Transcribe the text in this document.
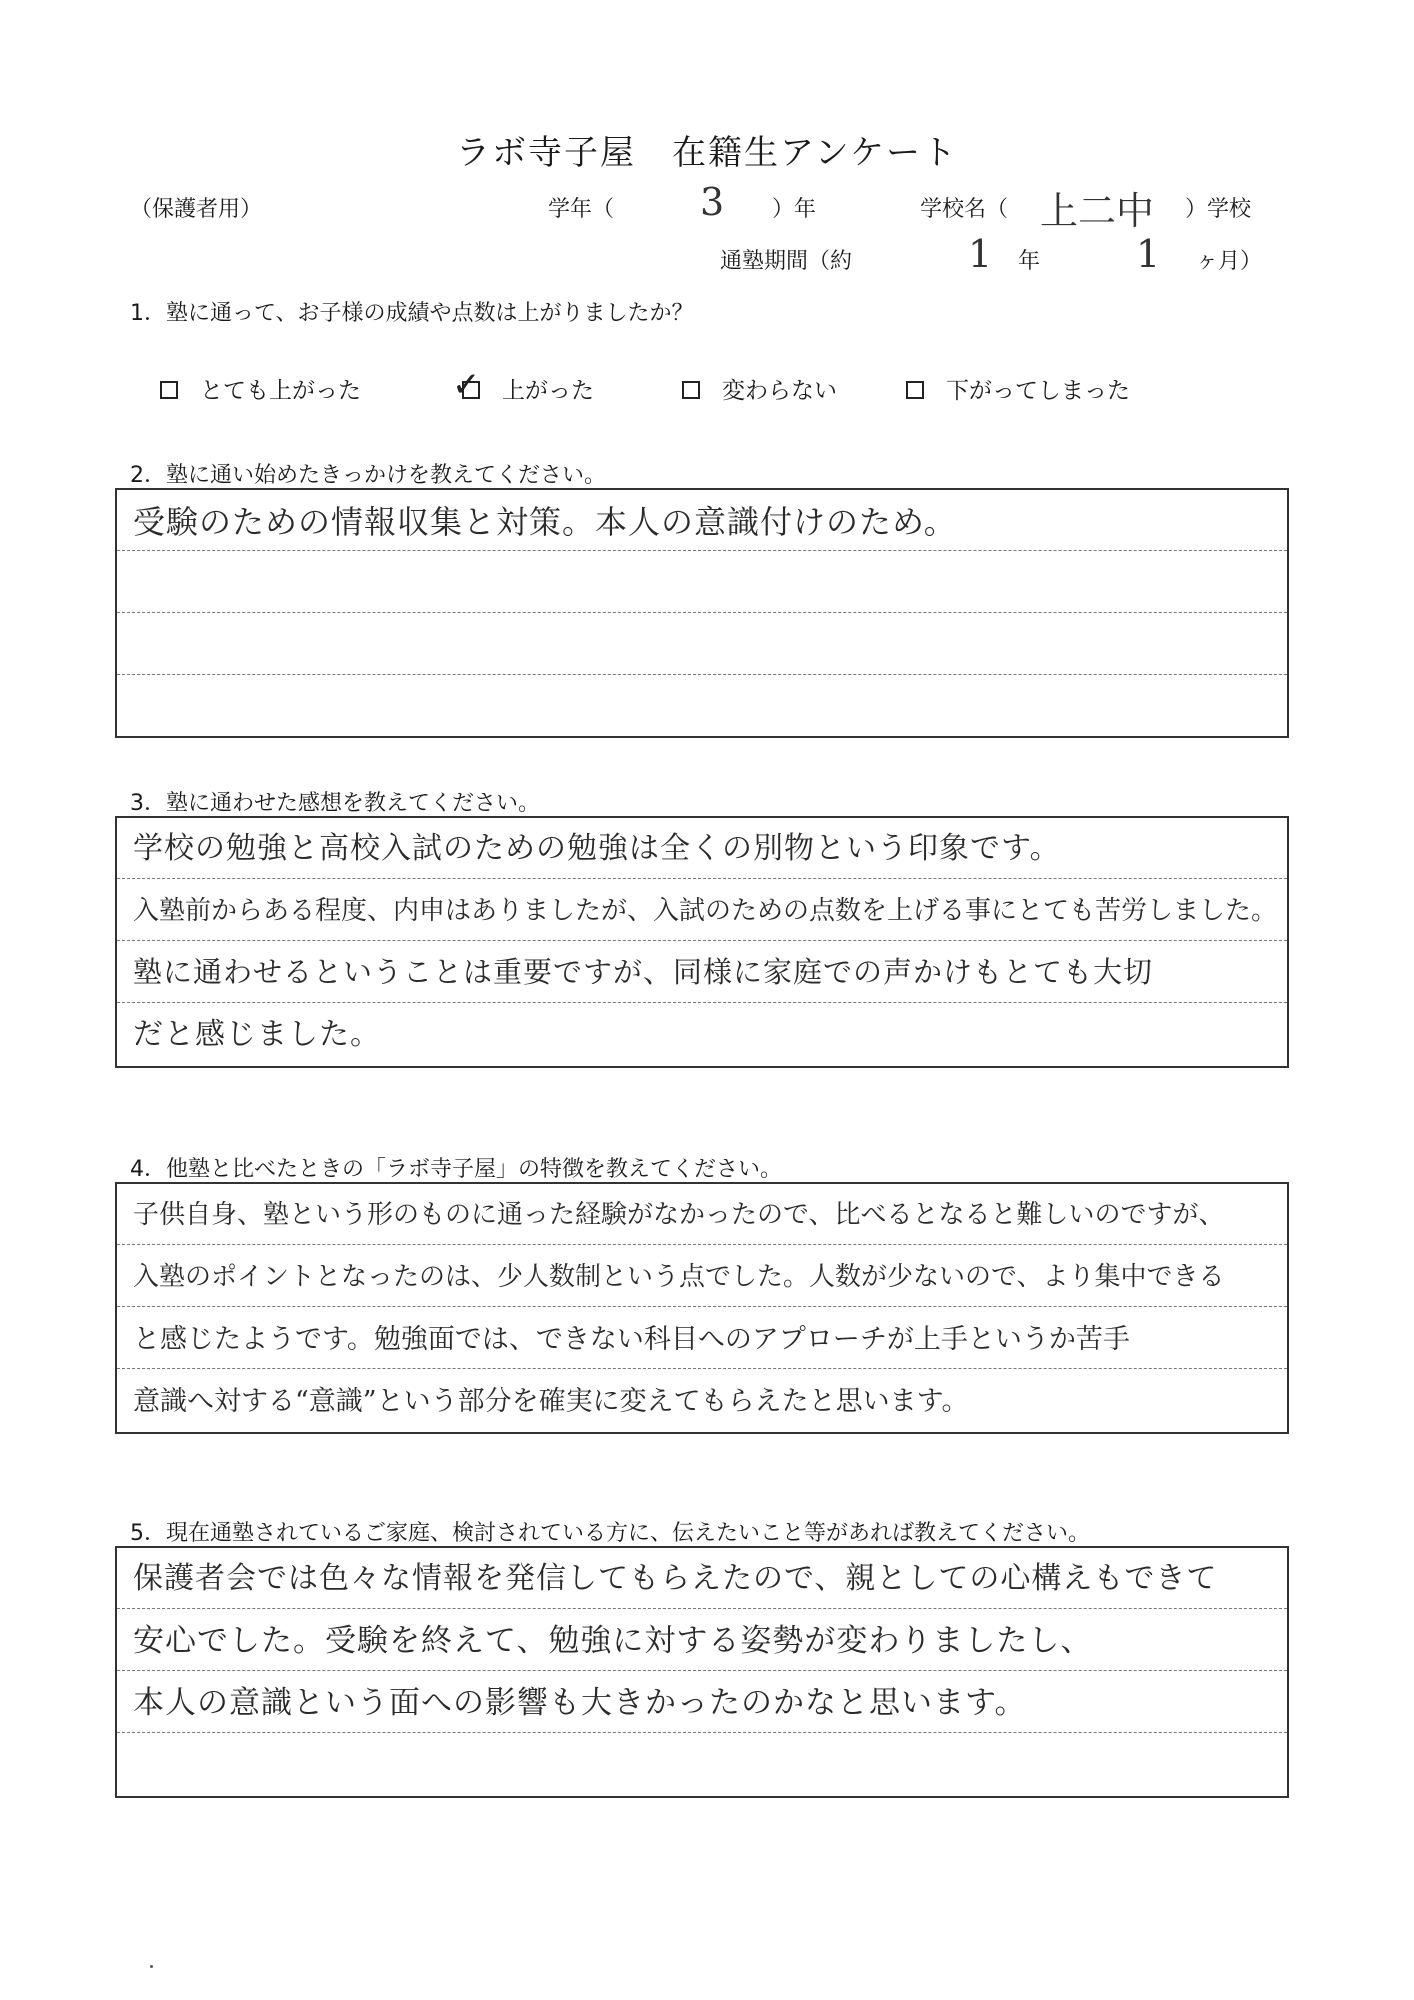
ラボ寺子屋　在籍生アンケート
（保護者用）	学年（ 3 ）年	学校名（ 上二中 ）学校
通塾期間（約	1 年	1 ヶ月）
1．塾に通って、お子様の成績や点数は上がりましたか？
とても上がった	✓ 上がった	変わらない	下がってしまった
2．塾に通い始めたきっかけを教えてください。
受験のための情報収集と対策。本人の意識付けのため。
3．塾に通わせた感想を教えてください。
学校の勉強と高校入試のための勉強は全くの別物という印象です。
入塾前からある程度、内申はありましたが、入試のための点数を上げる事にとても苦労しました。
塾に通わせるということは重要ですが、同様に家庭での声かけもとても大切
だと感じました。
4．他塾と比べたときの「ラボ寺子屋」の特徴を教えてください。
子供自身、塾という形のものに通った経験がなかったので、比べるとなると難しいのですが、
入塾のポイントとなったのは、少人数制という点でした。人数が少ないので、より集中できる
と感じたようです。勉強面では、できない科目へのアプローチが上手というか苦手
意識へ対する“意識”という部分を確実に変えてもらえたと思います。
5．現在通塾されているご家庭、検討されている方に、伝えたいこと等があれば教えてください。
保護者会では色々な情報を発信してもらえたので、親としての心構えもできて
安心でした。受験を終えて、勉強に対する姿勢が変わりましたし、
本人の意識という面への影響も大きかったのかなと思います。
